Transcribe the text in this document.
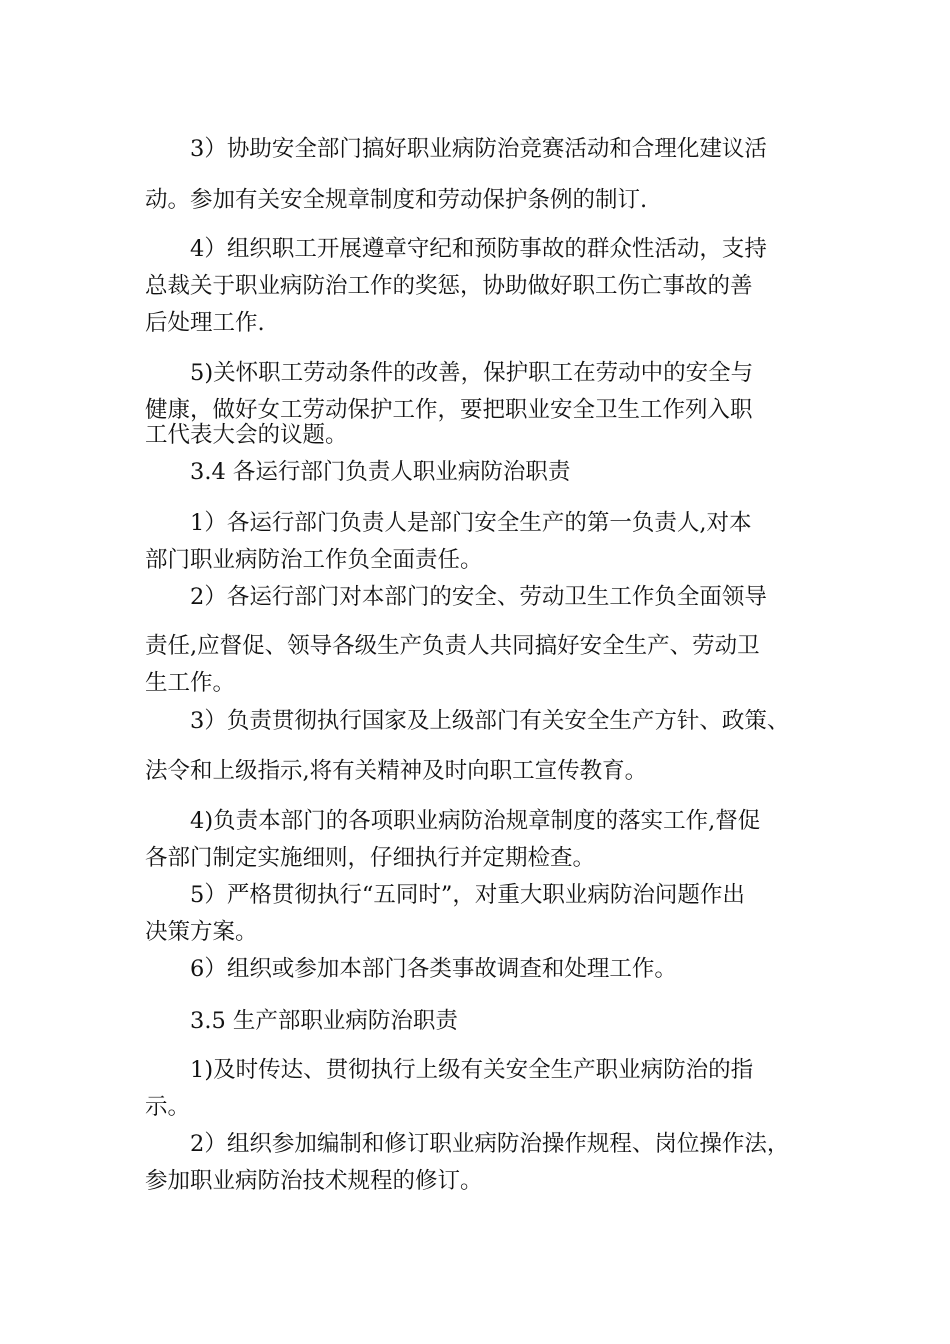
3）协助安全部门搞好职业病防治竞赛活动和合理化建议活
动。参加有关安全规章制度和劳动保护条例的制订.
4）组织职工开展遵章守纪和预防事故的群众性活动，支持
总裁关于职业病防治工作的奖惩，协助做好职工伤亡事故的善
后处理工作.
5)关怀职工劳动条件的改善，保护职工在劳动中的安全与
健康，做好女工劳动保护工作，要把职业安全卫生工作列入职
工代表大会的议题。
3.4 各运行部门负责人职业病防治职责
1）各运行部门负责人是部门安全生产的第一负责人,对本
部门职业病防治工作负全面责任。
2）各运行部门对本部门的安全、劳动卫生工作负全面领导
责任,应督促、领导各级生产负责人共同搞好安全生产、劳动卫
生工作。
3）负责贯彻执行国家及上级部门有关安全生产方针、政策、
法令和上级指示,将有关精神及时向职工宣传教育。
4)负责本部门的各项职业病防治规章制度的落实工作,督促
各部门制定实施细则，仔细执行并定期检查。
5）严格贯彻执行“五同时”，对重大职业病防治问题作出
决策方案。
6）组织或参加本部门各类事故调查和处理工作。
3.5 生产部职业病防治职责
1)及时传达、贯彻执行上级有关安全生产职业病防治的指
示。
2）组织参加编制和修订职业病防治操作规程、岗位操作法，
参加职业病防治技术规程的修订。
